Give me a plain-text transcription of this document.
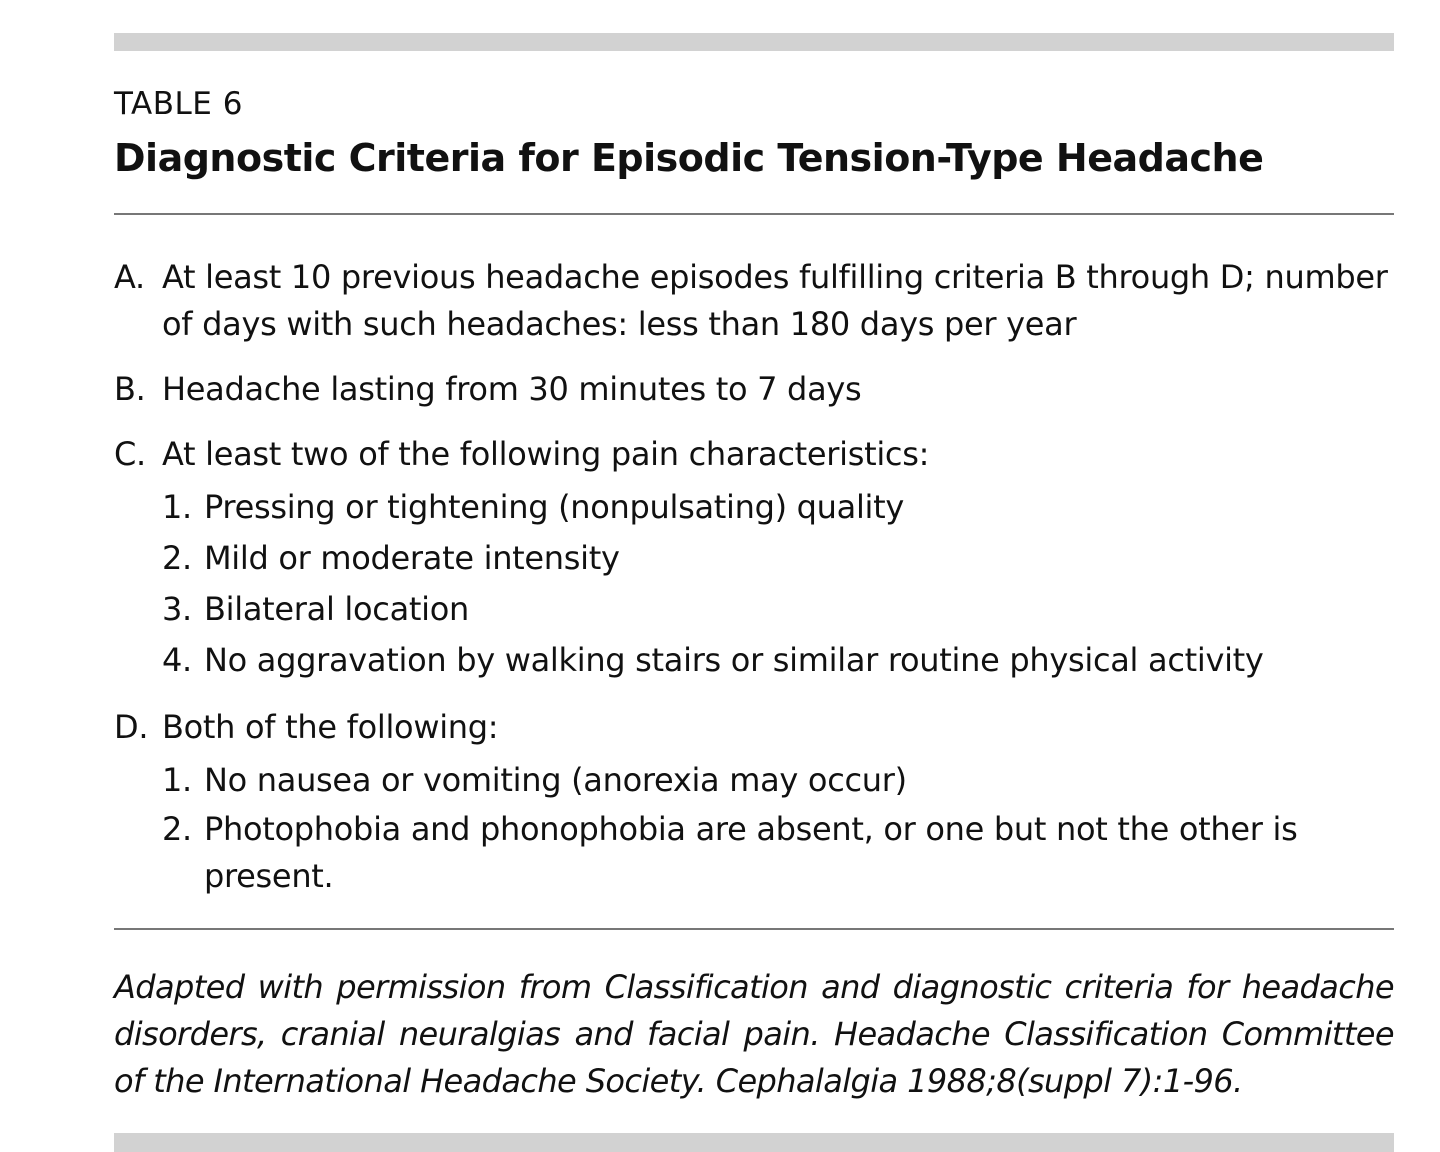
TABLE 6
Diagnostic Criteria for Episodic Tension-Type Headache
A. At least 10 previous headache episodes fulfilling criteria B through D; number of days with such headaches: less than 180 days per year
B. Headache lasting from 30 minutes to 7 days
C. At least two of the following pain characteristics:
1. Pressing or tightening (nonpulsating) quality
2. Mild or moderate intensity
3. Bilateral location
4. No aggravation by walking stairs or similar routine physical activity
D. Both of the following:
1. No nausea or vomiting (anorexia may occur)
2. Photophobia and phonophobia are absent, or one but not the other is present.
Adapted with permission from Classification and diagnostic criteria for headache disorders, cranial neuralgias and facial pain. Headache Classification Committee of the International Headache Society. Cephalalgia 1988;8(suppl 7):1-96.
